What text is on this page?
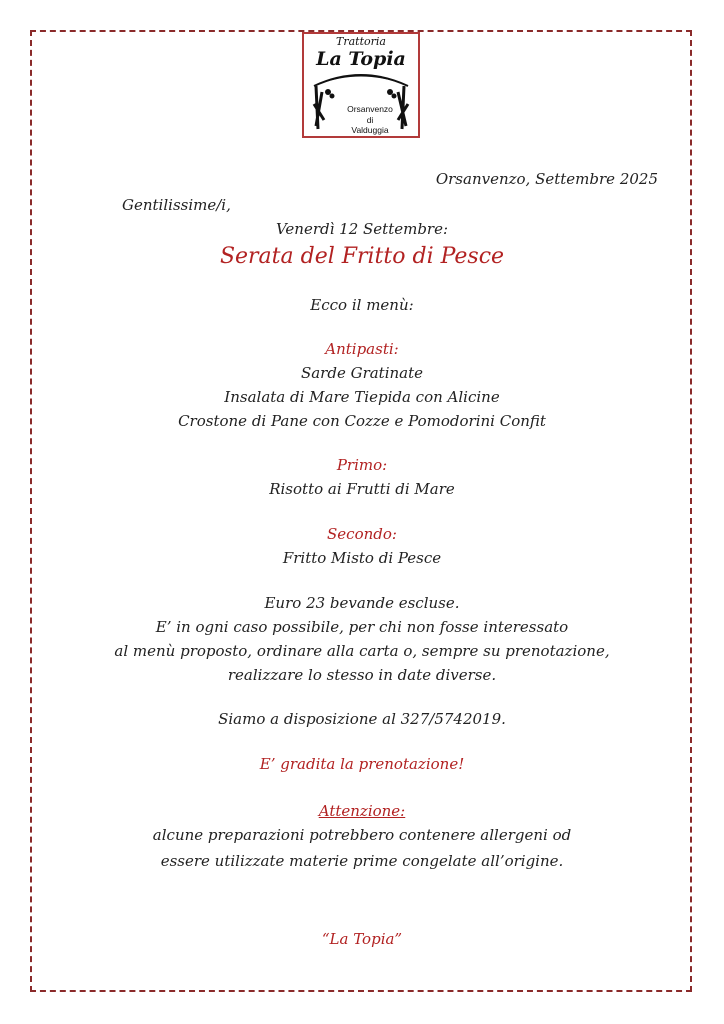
Trattoria
La Topia
Orsanvenzo
di
Valduggia
Orsanvenzo, Settembre 2025
Gentilissime/i,
Venerdì 12 Settembre:
Serata del Fritto di Pesce
Ecco il menù:
Antipasti:
Sarde Gratinate
Insalata di Mare Tiepida con Alicine
Crostone di Pane con Cozze e Pomodorini Confit
Primo:
Risotto ai Frutti di Mare
Secondo:
Fritto Misto di Pesce
Euro 23 bevande escluse.
E’ in ogni caso possibile, per chi non fosse interessato
al menù proposto, ordinare alla carta o, sempre su prenotazione,
realizzare lo stesso in date diverse.
Siamo a disposizione al 327/5742019.
E’ gradita la prenotazione!
Attenzione:
alcune preparazioni potrebbero contenere allergeni od
essere utilizzate materie prime congelate all’origine.
“La Topia”
